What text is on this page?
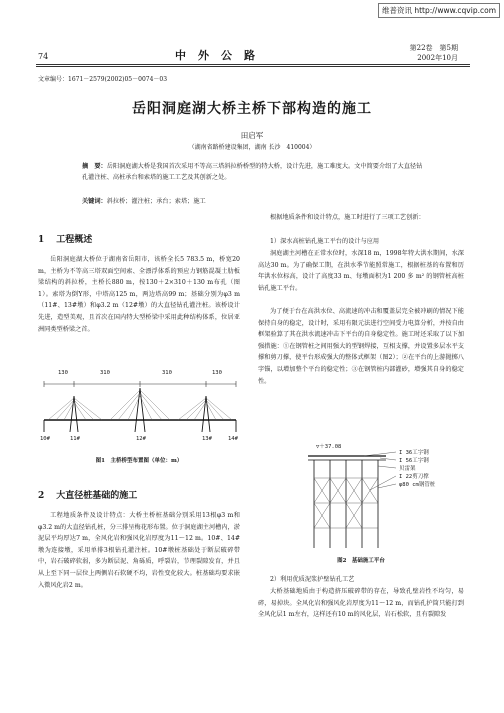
维普资讯 http://www.cqvip.com
74	中外公路
第22卷　第5期
2002年10月
文章编号：1671－2579(2002)05－0074－03
岳阳洞庭湖大桥主桥下部构造的施工
田启军
（湖南省路桥建设集团，湖南 长沙　410004）
摘　要：岳阳洞庭湖大桥是我国首次采用不等高三塔斜拉桥桥型的特大桥，设计先进，施工难度大。文中简要介绍了大直径钻孔灌注桩、高桩承台和索塔的施工工艺及其创新之处。
关键词：斜拉桥；灌注桩；承台；索塔；施工
1 工程概述
岳阳洞庭湖大桥位于湖南省岳阳市，该桥全长5 783.5 m，桥宽20 m，主桥为不等高三塔双面空间索、全漂浮体系的预应力钢筋混凝土肋板梁结构的斜拉桥，主桥长880 m，按130＋2×310＋130 m布孔（图1）。索塔为倒Y形，中塔高125 m，两边塔高99 m；基础分别为φ3 m（11#、13#墩）和φ3.2 m（12#墩）的大直径钻孔灌注桩。该桥设计先进，造型美观，且首次在国内特大型桥梁中采用此种结构体系，位居亚洲同类型桥梁之首。
130	310	310	130
10#	11#	12#	13#	14#
图1　主桥桥型布置图（单位：m）
2 大直径桩基础的施工
工程地质条件及设计特点：大桥主桥桩基础分别采用13根φ3 m和φ3.2 m的大直径钻孔桩，分三排呈梅花形布置。位于洞庭湖主河槽内，淤泥层平均厚达7 m，全风化岩和强风化岩厚度为11～12 m。10#、14#墩为连接墩，采用单排3根钻孔灌注桩。10#墩桩基础处于断层破碎带中，岩石破碎软弱，多为断层泥、角砾质，呼裂岩，节理裂隙发育，并且从上至下同一层位上两侧岩石软硬不均，岩性变化较大。桩基础均要求嵌入微风化岩2 m。
根据地质条件和设计特点，施工时进行了三项工艺创新：
1）深水高桩钻孔施工平台的设计与应用
洞庭湖主河槽在正常水位时，水深18 m，1998年特大洪水期间，水深高达30 m。为了确保工期，在洪水季节能照常施工，根据桩基的布置和历年洪水位标高，设计了高度33 m、每墩面积为1 200 多 m² 的钢管桩高桩钻孔施工平台。
为了便于台在高洪水位、高流速的冲击和覆盖层完全被冲刷的情况下能保持自身的稳定，设计时，采用有限元法进行空间受力电算分析，并按自由框架验算了其在洪水流速冲击下平台的自身稳定性。施工时还采取了以下加强措施：①在钢管桩之间用强大的型钢焊接，互相支撑，并设置多层水平支撑和剪刀撑，使平台形成强大的整体式框架（图2）；②在平台的上游抛掷八字锚，以增加整个平台的稳定性；③在钢管桩内部灌砂，增强其自身的稳定性。
▽＋37.08
I 36工字钢
I 56工字钢
贝雷架
I 22剪刀撑
φ80 cm钢管桩
图2　基础施工平台
2）利用优质泥浆护壁钻孔工艺
大桥基础地质由于构造挤压破碎带的存在，导致孔壁岩性不均匀，易碎，易掉块。全风化岩和强风化岩厚度为11～12 m，而钻孔护筒只能打到全风化层1 m左右，这样还有10 m的风化层，岩石松软，且有裂隙发
